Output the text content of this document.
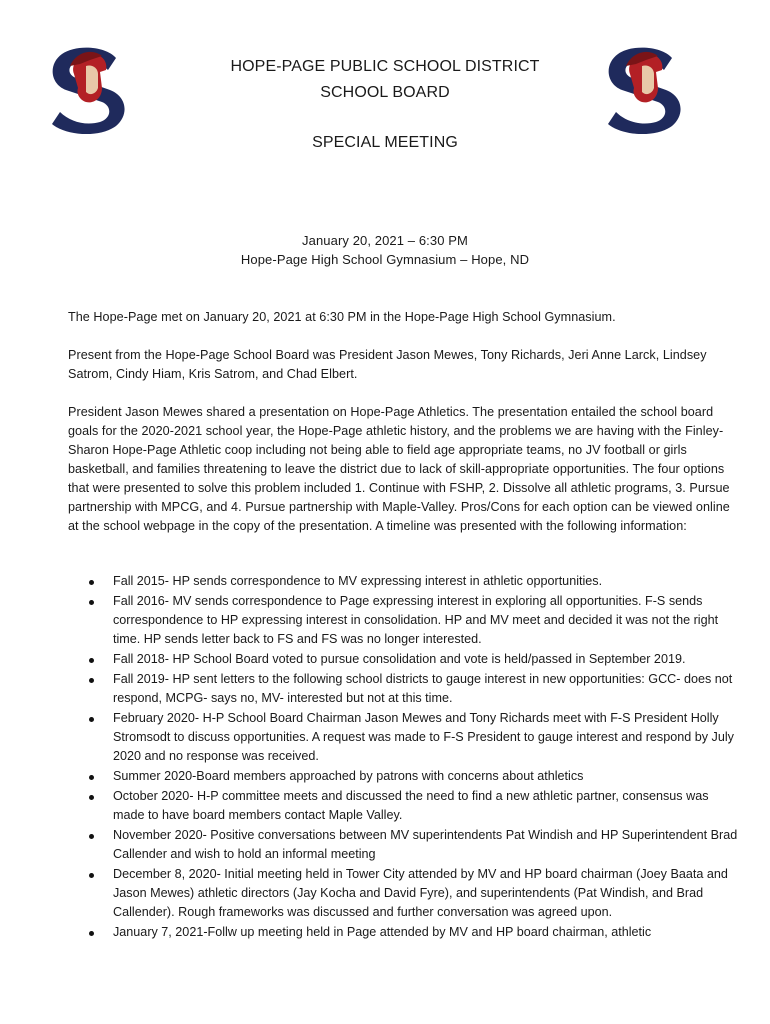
HOPE-PAGE PUBLIC SCHOOL DISTRICT
SCHOOL BOARD
SPECIAL MEETING
January 20, 2021 – 6:30 PM
Hope-Page High School Gymnasium – Hope, ND

The Hope-Page met on January 20, 2021 at 6:30 PM in the Hope-Page High School Gymnasium.

Present from the Hope-Page School Board was President Jason Mewes, Tony Richards, Jeri Anne Larck, Lindsey Satrom, Cindy Hiam, Kris Satrom, and Chad Elbert.

President Jason Mewes shared a presentation on Hope-Page Athletics. The presentation entailed the school board goals for the 2020-2021 school year, the Hope-Page athletic history, and the problems we are having with the Finley-Sharon Hope-Page Athletic coop including not being able to field age appropriate teams, no JV football or girls basketball, and families threatening to leave the district due to lack of skill-appropriate opportunities. The four options that were presented to solve this problem included 1. Continue with FSHP, 2. Dissolve all athletic programs, 3. Pursue partnership with MPCG, and 4. Pursue partnership with Maple-Valley. Pros/Cons for each option can be viewed online at the school webpage in the copy of the presentation. A timeline was presented with the following information:

Fall 2015- HP sends correspondence to MV expressing interest in athletic opportunities.
Fall 2016- MV sends correspondence to Page expressing interest in exploring all opportunities. F-S sends correspondence to HP expressing interest in consolidation. HP and MV meet and decided it was not the right time. HP sends letter back to FS and FS was no longer interested.
Fall 2018- HP School Board voted to pursue consolidation and vote is held/passed in September 2019.
Fall 2019- HP sent letters to the following school districts to gauge interest in new opportunities: GCC- does not respond, MCPG- says no, MV- interested but not at this time.
February 2020- H-P School Board Chairman Jason Mewes and Tony Richards meet with F-S President Holly Stromsodt to discuss opportunities. A request was made to F-S President to gauge interest and respond by July 2020 and no response was received.
Summer 2020-Board members approached by patrons with concerns about athletics
October 2020- H-P committee meets and discussed the need to find a new athletic partner, consensus was made to have board members contact Maple Valley.
November 2020- Positive conversations between MV superintendents Pat Windish and HP Superintendent Brad Callender and wish to hold an informal meeting
December 8, 2020- Initial meeting held in Tower City attended by MV and HP board chairman (Joey Baata and Jason Mewes) athletic directors (Jay Kocha and David Fyre), and superintendents (Pat Windish, and Brad Callender). Rough frameworks was discussed and further conversation was agreed upon.
January 7, 2021-Follw up meeting held in Page attended by MV and HP board chairman, athletic
